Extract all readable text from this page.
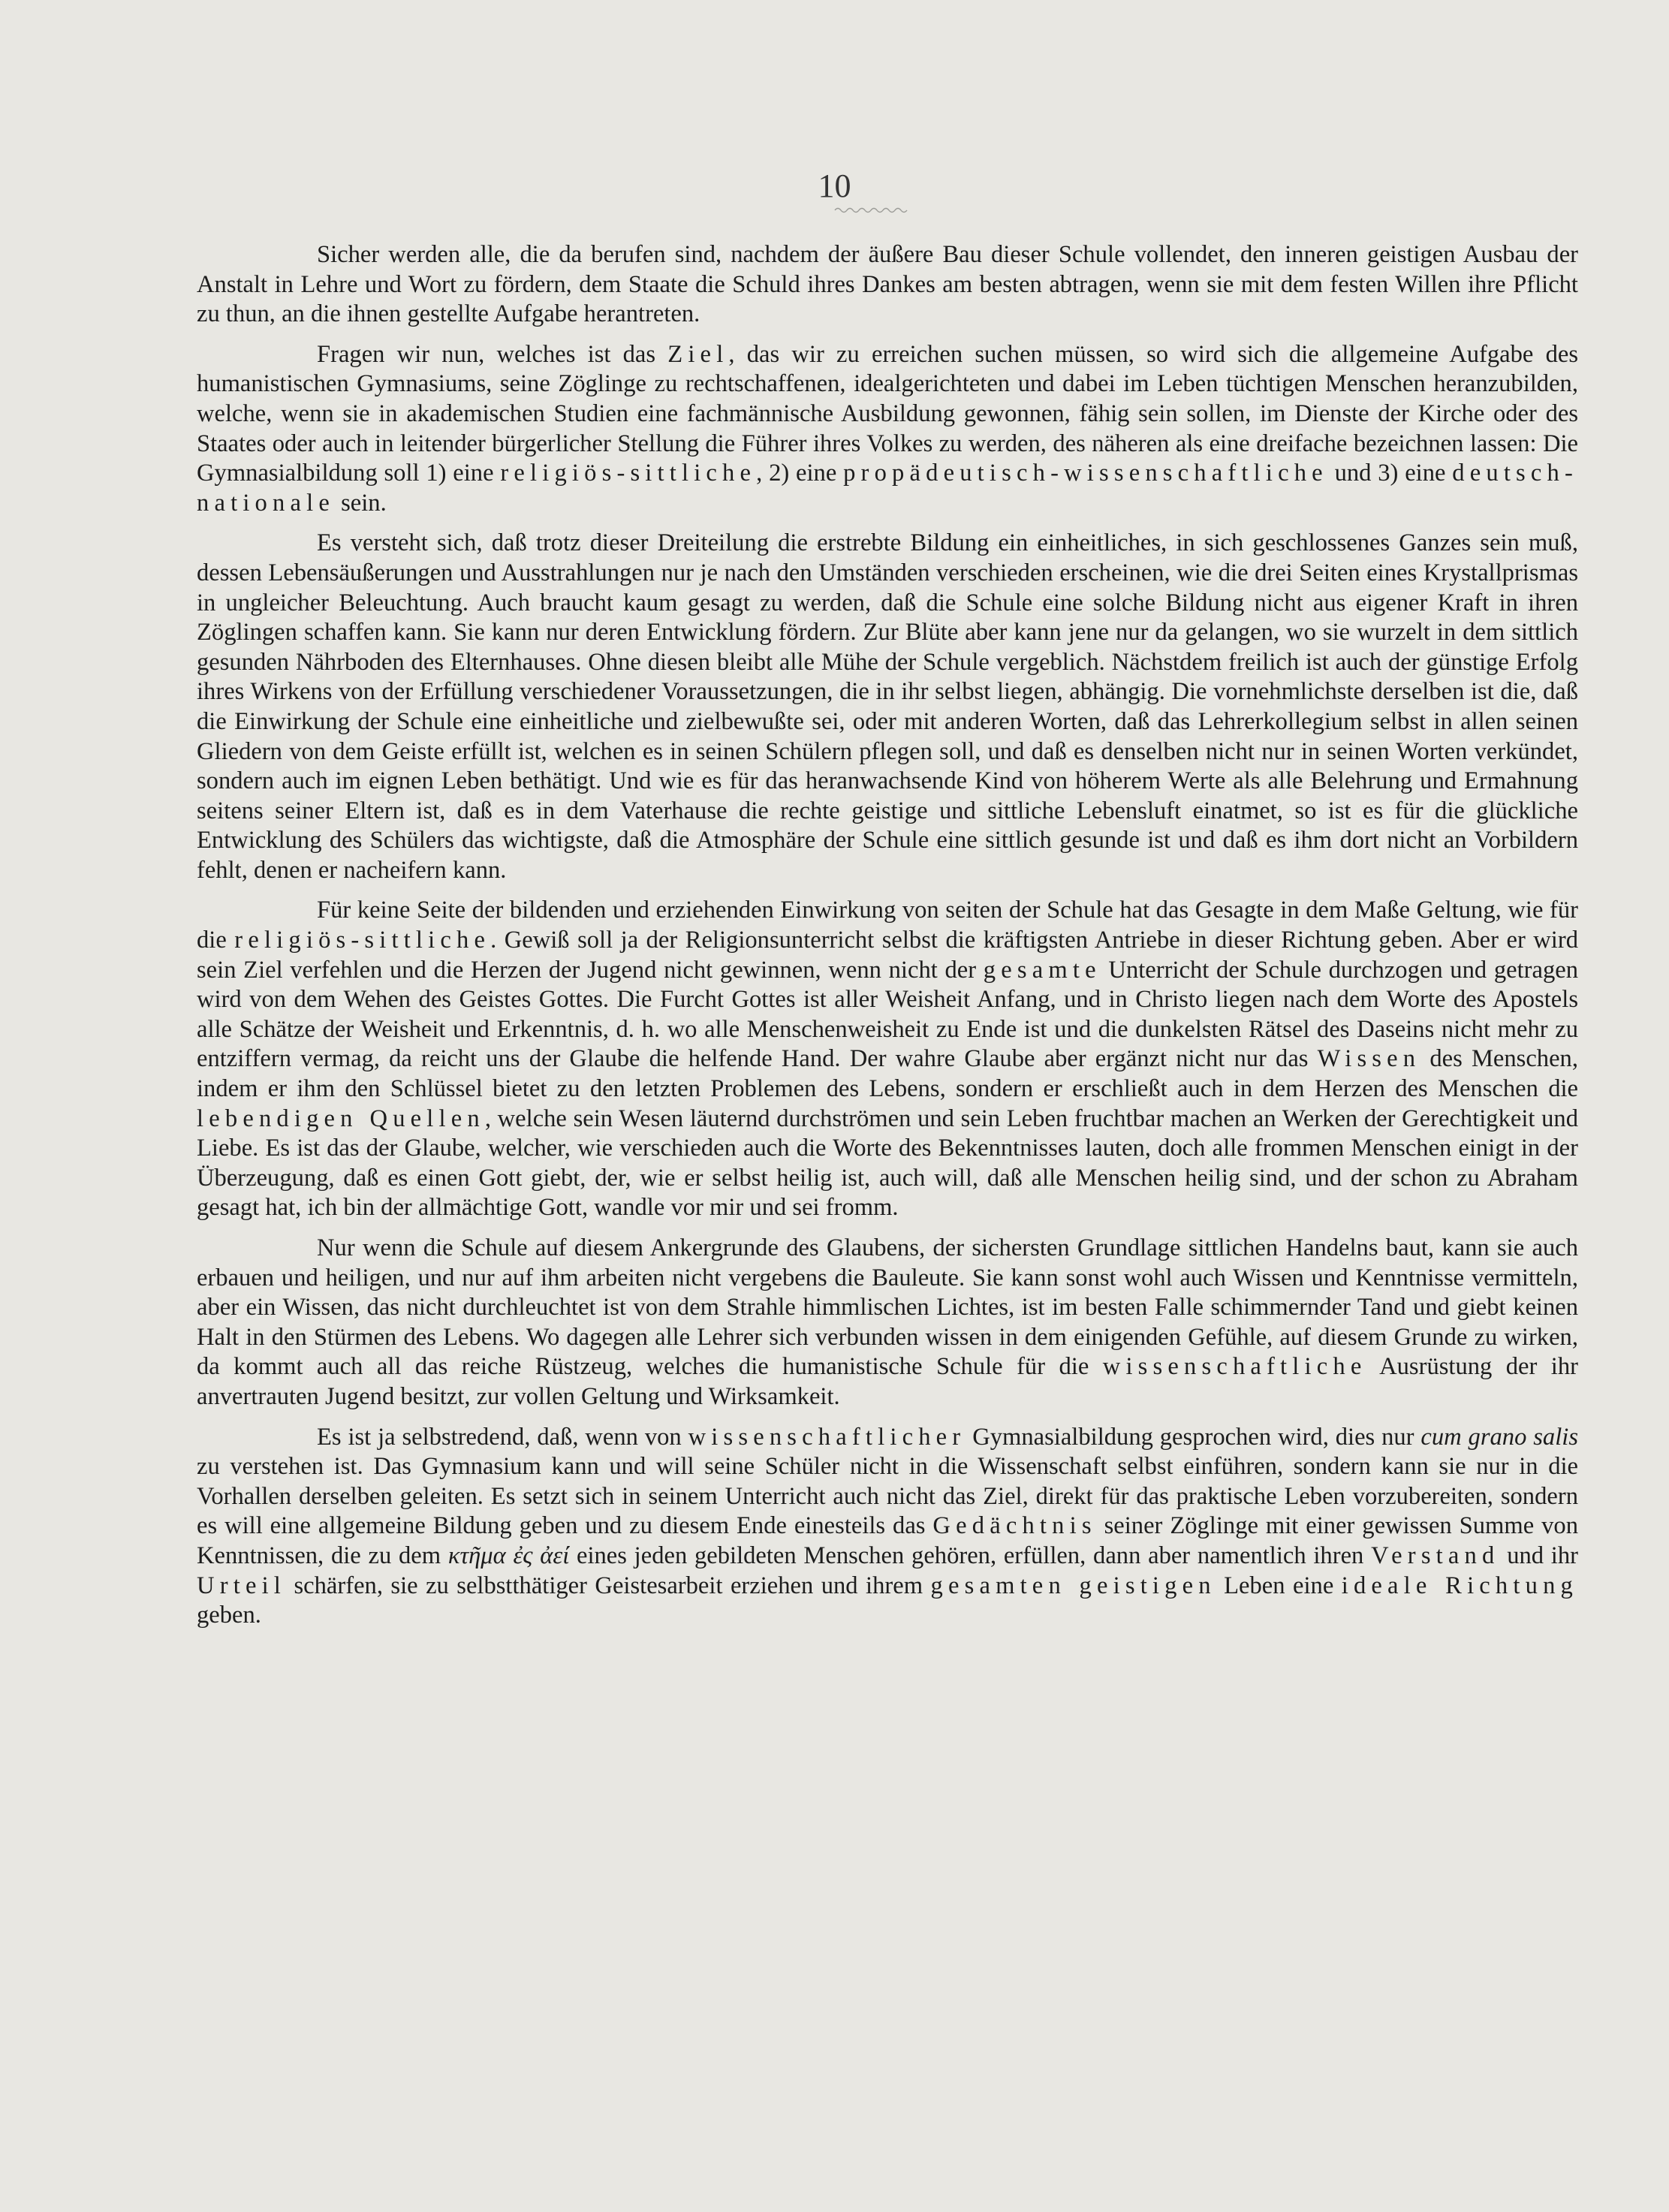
10

Sicher werden alle, die da berufen sind, nachdem der äußere Bau dieser Schule vollendet, den inneren geistigen Ausbau der Anstalt in Lehre und Wort zu fördern, dem Staate die Schuld ihres Dankes am besten abtragen, wenn sie mit dem festen Willen ihre Pflicht zu thun, an die ihnen gestellte Aufgabe herantreten.

Fragen wir nun, welches ist das Ziel, das wir zu erreichen suchen müssen, so wird sich die allgemeine Aufgabe des humanistischen Gymnasiums, seine Zöglinge zu rechtschaffenen, idealgerichteten und dabei im Leben tüchtigen Menschen heranzubilden, welche, wenn sie in akademischen Studien eine fachmännische Ausbildung gewonnen, fähig sein sollen, im Dienste der Kirche oder des Staates oder auch in leitender bürgerlicher Stellung die Führer ihres Volkes zu werden, des näheren als eine dreifache bezeichnen lassen: Die Gymnasialbildung soll 1) eine religiös-sittliche, 2) eine propädeutisch-wissenschaftliche und 3) eine deutsch-nationale sein.

Es versteht sich, daß trotz dieser Dreiteilung die erstrebte Bildung ein einheitliches, in sich geschlossenes Ganzes sein muß, dessen Lebensäußerungen und Ausstrahlungen nur je nach den Umständen verschieden erscheinen, wie die drei Seiten eines Krystallprismas in ungleicher Beleuchtung. Auch braucht kaum gesagt zu werden, daß die Schule eine solche Bildung nicht aus eigener Kraft in ihren Zöglingen schaffen kann. Sie kann nur deren Entwicklung fördern. Zur Blüte aber kann jene nur da gelangen, wo sie wurzelt in dem sittlich gesunden Nährboden des Elternhauses. Ohne diesen bleibt alle Mühe der Schule vergeblich. Nächstdem freilich ist auch der günstige Erfolg ihres Wirkens von der Erfüllung verschiedener Voraussetzungen, die in ihr selbst liegen, abhängig. Die vornehmlichste derselben ist die, daß die Einwirkung der Schule eine einheitliche und zielbewußte sei, oder mit anderen Worten, daß das Lehrerkollegium selbst in allen seinen Gliedern von dem Geiste erfüllt ist, welchen es in seinen Schülern pflegen soll, und daß es denselben nicht nur in seinen Worten verkündet, sondern auch im eignen Leben bethätigt. Und wie es für das heranwachsende Kind von höherem Werte als alle Belehrung und Ermahnung seitens seiner Eltern ist, daß es in dem Vaterhause die rechte geistige und sittliche Lebensluft einatmet, so ist es für die glückliche Entwicklung des Schülers das wichtigste, daß die Atmosphäre der Schule eine sittlich gesunde ist und daß es ihm dort nicht an Vorbildern fehlt, denen er nacheifern kann.

Für keine Seite der bildenden und erziehenden Einwirkung von seiten der Schule hat das Gesagte in dem Maße Geltung, wie für die religiös-sittliche. Gewiß soll ja der Religionsunterricht selbst die kräftigsten Antriebe in dieser Richtung geben. Aber er wird sein Ziel verfehlen und die Herzen der Jugend nicht gewinnen, wenn nicht der gesamte Unterricht der Schule durchzogen und getragen wird von dem Wehen des Geistes Gottes. Die Furcht Gottes ist aller Weisheit Anfang, und in Christo liegen nach dem Worte des Apostels alle Schätze der Weisheit und Erkenntnis, d. h. wo alle Menschenweisheit zu Ende ist und die dunkelsten Rätsel des Daseins nicht mehr zu entziffern vermag, da reicht uns der Glaube die helfende Hand. Der wahre Glaube aber ergänzt nicht nur das Wissen des Menschen, indem er ihm den Schlüssel bietet zu den letzten Problemen des Lebens, sondern er erschließt auch in dem Herzen des Menschen die lebendigen Quellen, welche sein Wesen läuternd durchströmen und sein Leben fruchtbar machen an Werken der Gerechtigkeit und Liebe. Es ist das der Glaube, welcher, wie verschieden auch die Worte des Bekenntnisses lauten, doch alle frommen Menschen einigt in der Überzeugung, daß es einen Gott giebt, der, wie er selbst heilig ist, auch will, daß alle Menschen heilig sind, und der schon zu Abraham gesagt hat, ich bin der allmächtige Gott, wandle vor mir und sei fromm.

Nur wenn die Schule auf diesem Ankergrunde des Glaubens, der sichersten Grundlage sittlichen Handelns baut, kann sie auch erbauen und heiligen, und nur auf ihm arbeiten nicht vergebens die Bauleute. Sie kann sonst wohl auch Wissen und Kenntnisse vermitteln, aber ein Wissen, das nicht durchleuchtet ist von dem Strahle himmlischen Lichtes, ist im besten Falle schimmernder Tand und giebt keinen Halt in den Stürmen des Lebens. Wo dagegen alle Lehrer sich verbunden wissen in dem einigenden Gefühle, auf diesem Grunde zu wirken, da kommt auch all das reiche Rüstzeug, welches die humanistische Schule für die wissenschaftliche Ausrüstung der ihr anvertrauten Jugend besitzt, zur vollen Geltung und Wirksamkeit.

Es ist ja selbstredend, daß, wenn von wissenschaftlicher Gymnasialbildung gesprochen wird, dies nur cum grano salis zu verstehen ist. Das Gymnasium kann und will seine Schüler nicht in die Wissenschaft selbst einführen, sondern kann sie nur in die Vorhallen derselben geleiten. Es setzt sich in seinem Unterricht auch nicht das Ziel, direkt für das praktische Leben vorzubereiten, sondern es will eine allgemeine Bildung geben und zu diesem Ende einesteils das Gedächtnis seiner Zöglinge mit einer gewissen Summe von Kenntnissen, die zu dem κτῆμα ἐς ἀεί eines jeden gebildeten Menschen gehören, erfüllen, dann aber namentlich ihren Verstand und ihr Urteil schärfen, sie zu selbstthätiger Geistesarbeit erziehen und ihrem gesamten geistigen Leben eine ideale Richtung geben.
